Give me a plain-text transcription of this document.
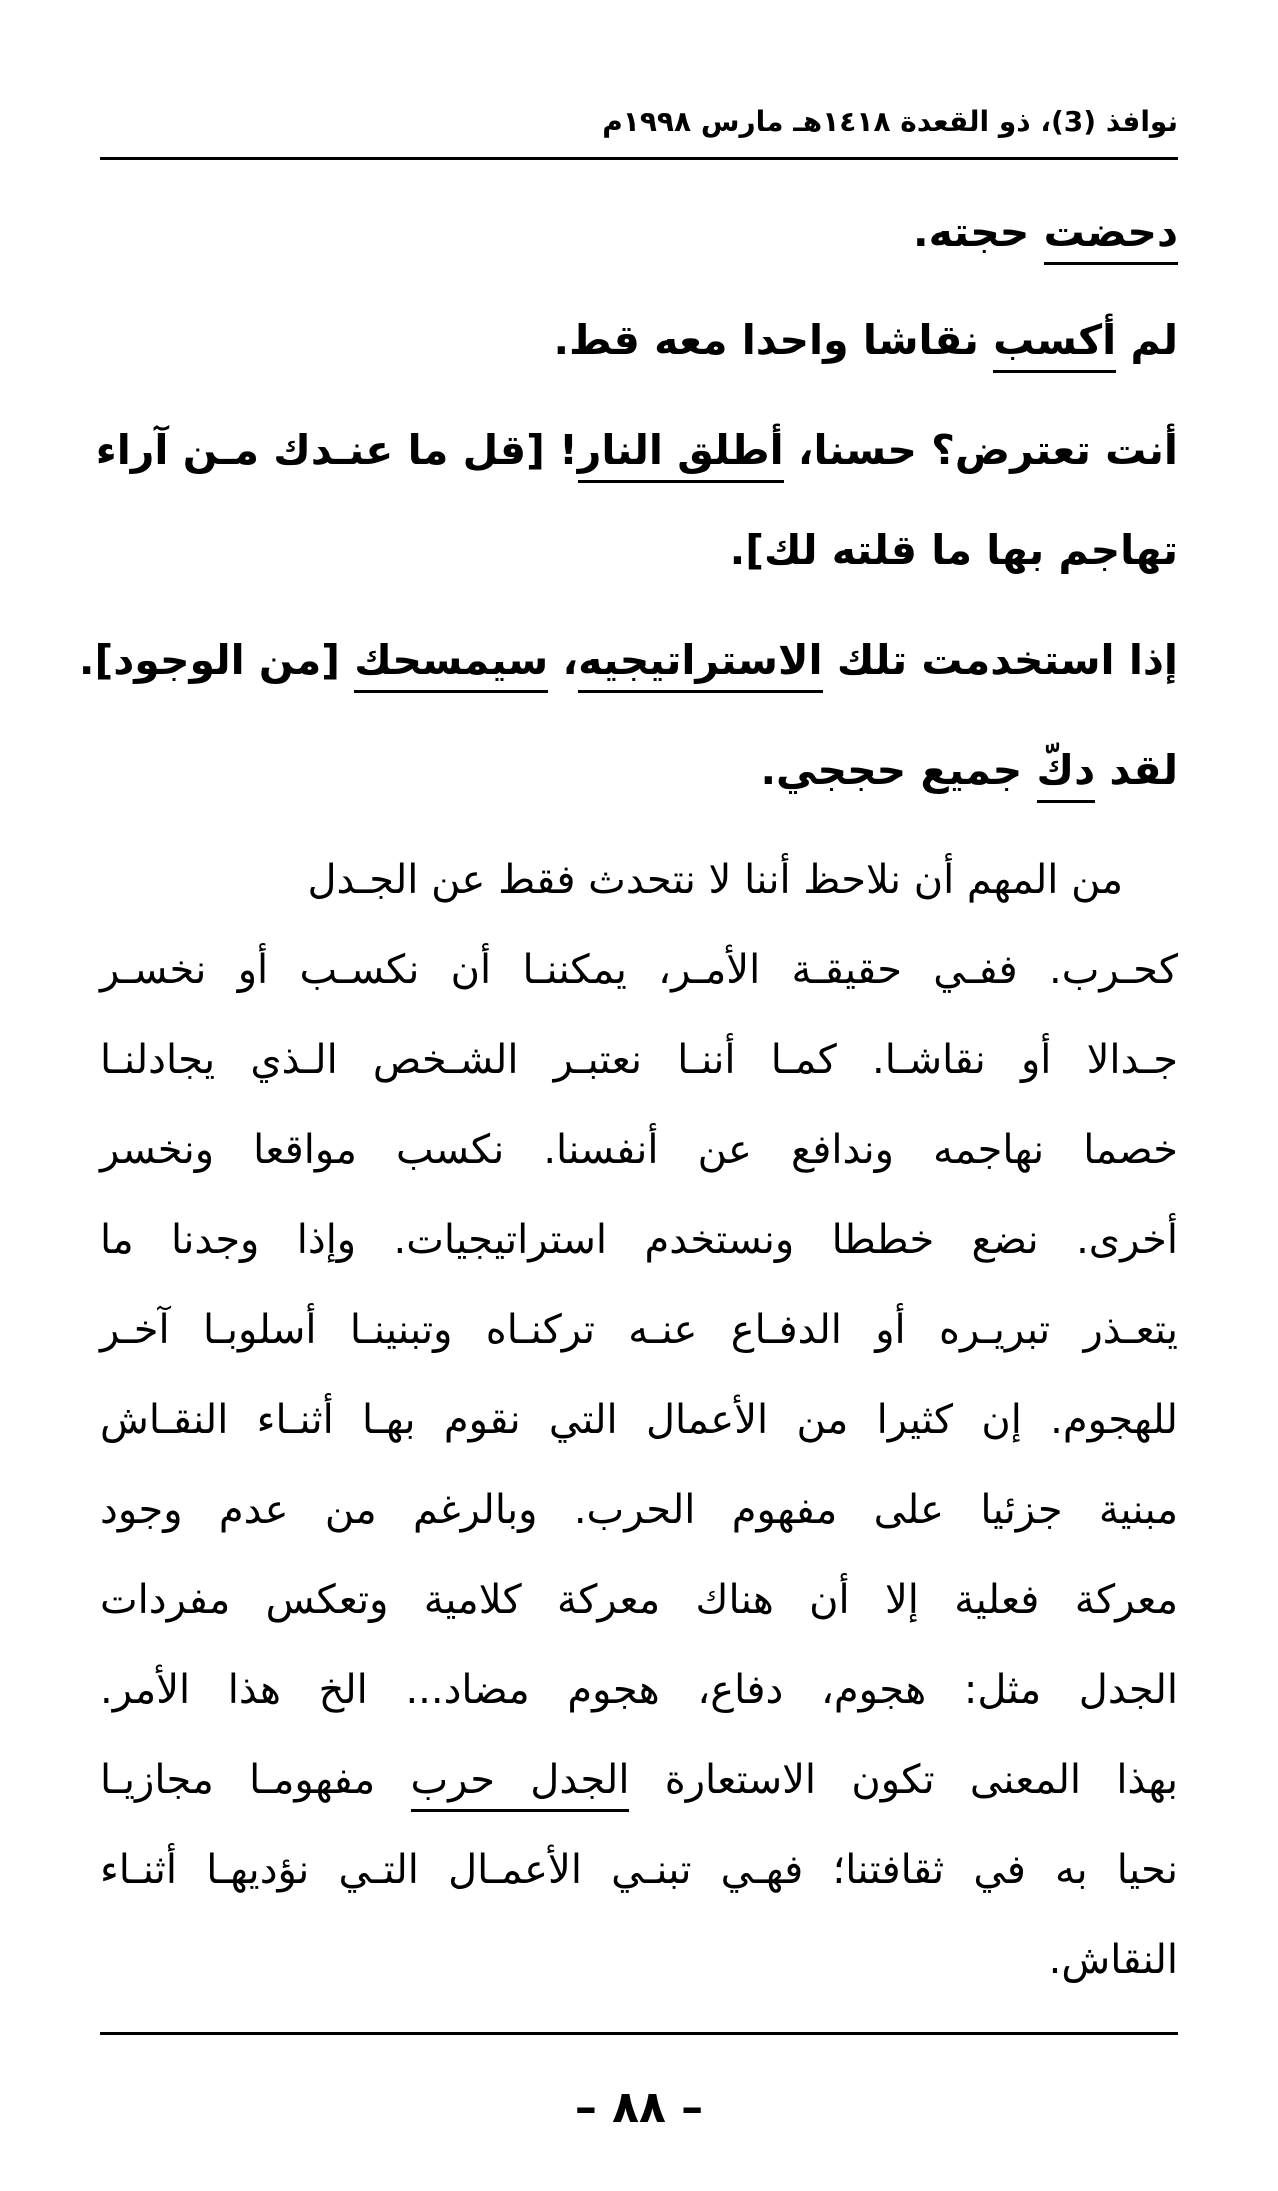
نوافذ (3)، ذو القعدة ١٤١٨هـ مارس ١٩٩٨م
دحضت حجته.
لم أكسب نقاشا واحدا معه قط.
أنت تعترض؟ حسنا، أطلق النار! [قل ما عنـدك مـن آراء
تهاجم بها ما قلته لك].
إذا استخدمت تلك الاستراتيجيه، سيمسحك [من الوجود].
لقد دكّ جميع حججي.
من المهم أن نلاحظ أننا لا نتحدث فقط عن الجـدل
كحـرب. ففـي حقيقـة الأمـر، يمكننـا أن نكسـب أو نخسـر
جـدالا أو نقاشـا. كمـا أننـا نعتبـر الشـخص الـذي يجادلنـا
خصما نهاجمه وندافع عن أنفسنا. نكسب مواقعا ونخسر
أخرى. نضع خططا ونستخدم استراتيجيات. وإذا وجدنا ما
يتعـذر تبريـره أو الدفـاع عنـه تركنـاه وتبنينـا أسلوبـا آخـر
للهجوم. إن كثيرا من الأعمال التي نقوم بهـا أثنـاء النقـاش
مبنية جزئيا على مفهوم الحرب. وبالرغم من عدم وجود
معركة فعلية إلا أن هناك معركة كلامية وتعكس مفردات
الجدل مثل: هجوم، دفاع، هجوم مضاد... الخ هذا الأمر.
بهذا المعنى تكون الاستعارة الجدل حرب مفهومـا مجازيـا
نحيا به في ثقافتنا؛ فهـي تبنـي الأعمـال التـي نؤديهـا أثنـاء
النقاش.
– ٨٨ –
